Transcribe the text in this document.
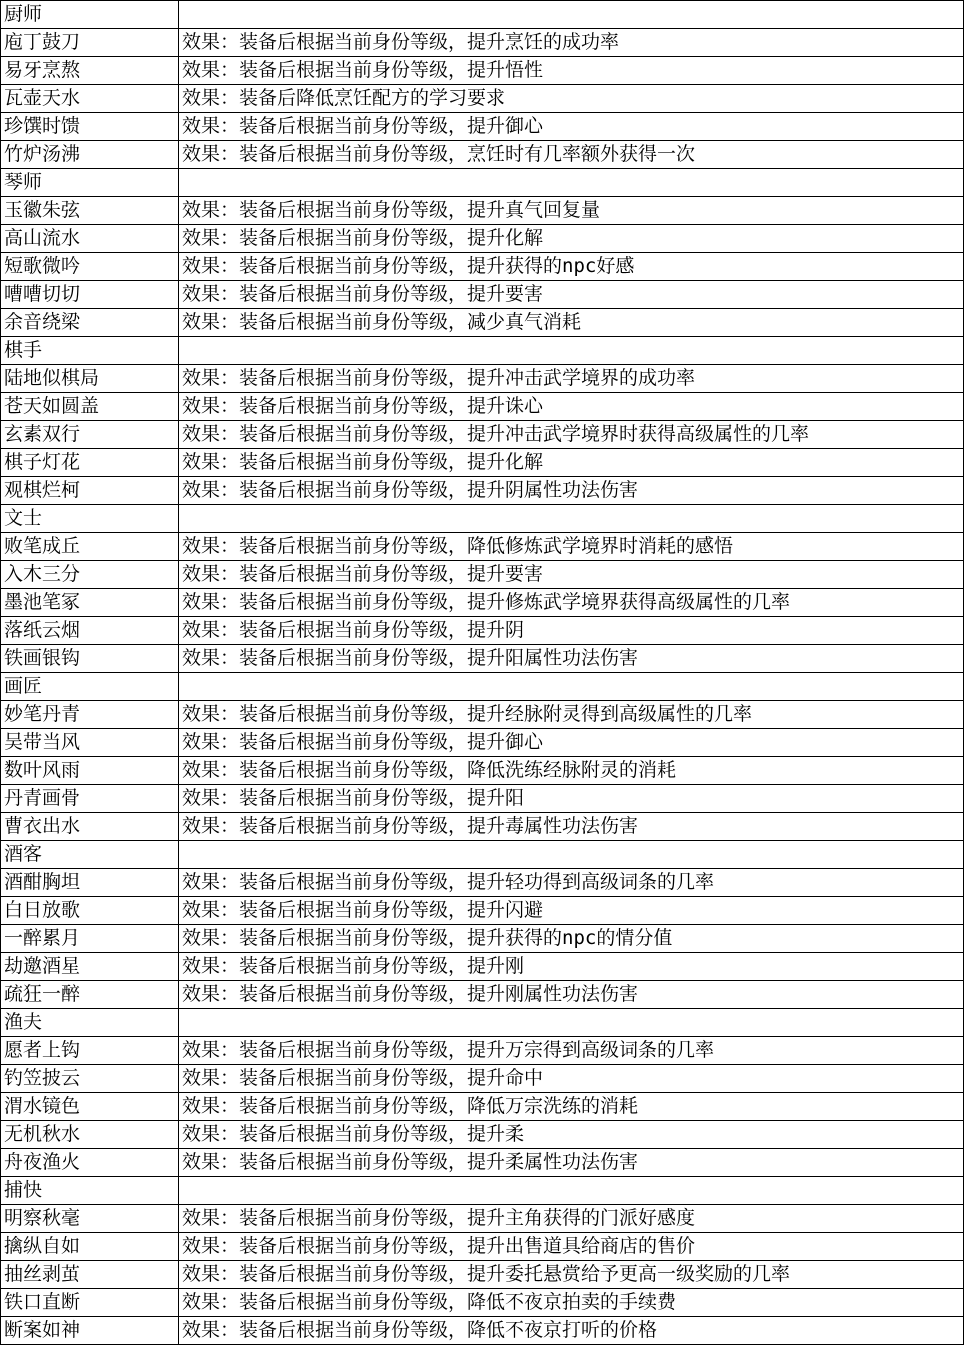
厨师	
庖丁鼓刀	效果：装备后根据当前身份等级，提升烹饪的成功率
易牙烹熬	效果：装备后根据当前身份等级，提升悟性
瓦壶天水	效果：装备后降低烹饪配方的学习要求
珍馔时馈	效果：装备后根据当前身份等级，提升御心
竹炉汤沸	效果：装备后根据当前身份等级，烹饪时有几率额外获得一次
琴师	
玉徽朱弦	效果：装备后根据当前身份等级，提升真气回复量
高山流水	效果：装备后根据当前身份等级，提升化解
短歌微吟	效果：装备后根据当前身份等级，提升获得的npc好感
嘈嘈切切	效果：装备后根据当前身份等级，提升要害
余音绕梁	效果：装备后根据当前身份等级，减少真气消耗
棋手	
陆地似棋局	效果：装备后根据当前身份等级，提升冲击武学境界的成功率
苍天如圆盖	效果：装备后根据当前身份等级，提升诛心
玄素双行	效果：装备后根据当前身份等级，提升冲击武学境界时获得高级属性的几率
棋子灯花	效果：装备后根据当前身份等级，提升化解
观棋烂柯	效果：装备后根据当前身份等级，提升阴属性功法伤害
文士	
败笔成丘	效果：装备后根据当前身份等级，降低修炼武学境界时消耗的感悟
入木三分	效果：装备后根据当前身份等级，提升要害
墨池笔冢	效果：装备后根据当前身份等级，提升修炼武学境界获得高级属性的几率
落纸云烟	效果：装备后根据当前身份等级，提升阴
铁画银钩	效果：装备后根据当前身份等级，提升阳属性功法伤害
画匠	
妙笔丹青	效果：装备后根据当前身份等级，提升经脉附灵得到高级属性的几率
吴带当风	效果：装备后根据当前身份等级，提升御心
数叶风雨	效果：装备后根据当前身份等级，降低洗练经脉附灵的消耗
丹青画骨	效果：装备后根据当前身份等级，提升阳
曹衣出水	效果：装备后根据当前身份等级，提升毒属性功法伤害
酒客	
酒酣胸坦	效果：装备后根据当前身份等级，提升轻功得到高级词条的几率
白日放歌	效果：装备后根据当前身份等级，提升闪避
一醉累月	效果：装备后根据当前身份等级，提升获得的npc的情分值
劫邀酒星	效果：装备后根据当前身份等级，提升刚
疏狂一醉	效果：装备后根据当前身份等级，提升刚属性功法伤害
渔夫	
愿者上钩	效果：装备后根据当前身份等级，提升万宗得到高级词条的几率
钓笠披云	效果：装备后根据当前身份等级，提升命中
渭水镜色	效果：装备后根据当前身份等级，降低万宗洗练的消耗
无机秋水	效果：装备后根据当前身份等级，提升柔
舟夜渔火	效果：装备后根据当前身份等级，提升柔属性功法伤害
捕快	
明察秋毫	效果：装备后根据当前身份等级，提升主角获得的门派好感度
擒纵自如	效果：装备后根据当前身份等级，提升出售道具给商店的售价
抽丝剥茧	效果：装备后根据当前身份等级，提升委托悬赏给予更高一级奖励的几率
铁口直断	效果：装备后根据当前身份等级，降低不夜京拍卖的手续费
断案如神	效果：装备后根据当前身份等级，降低不夜京打听的价格
